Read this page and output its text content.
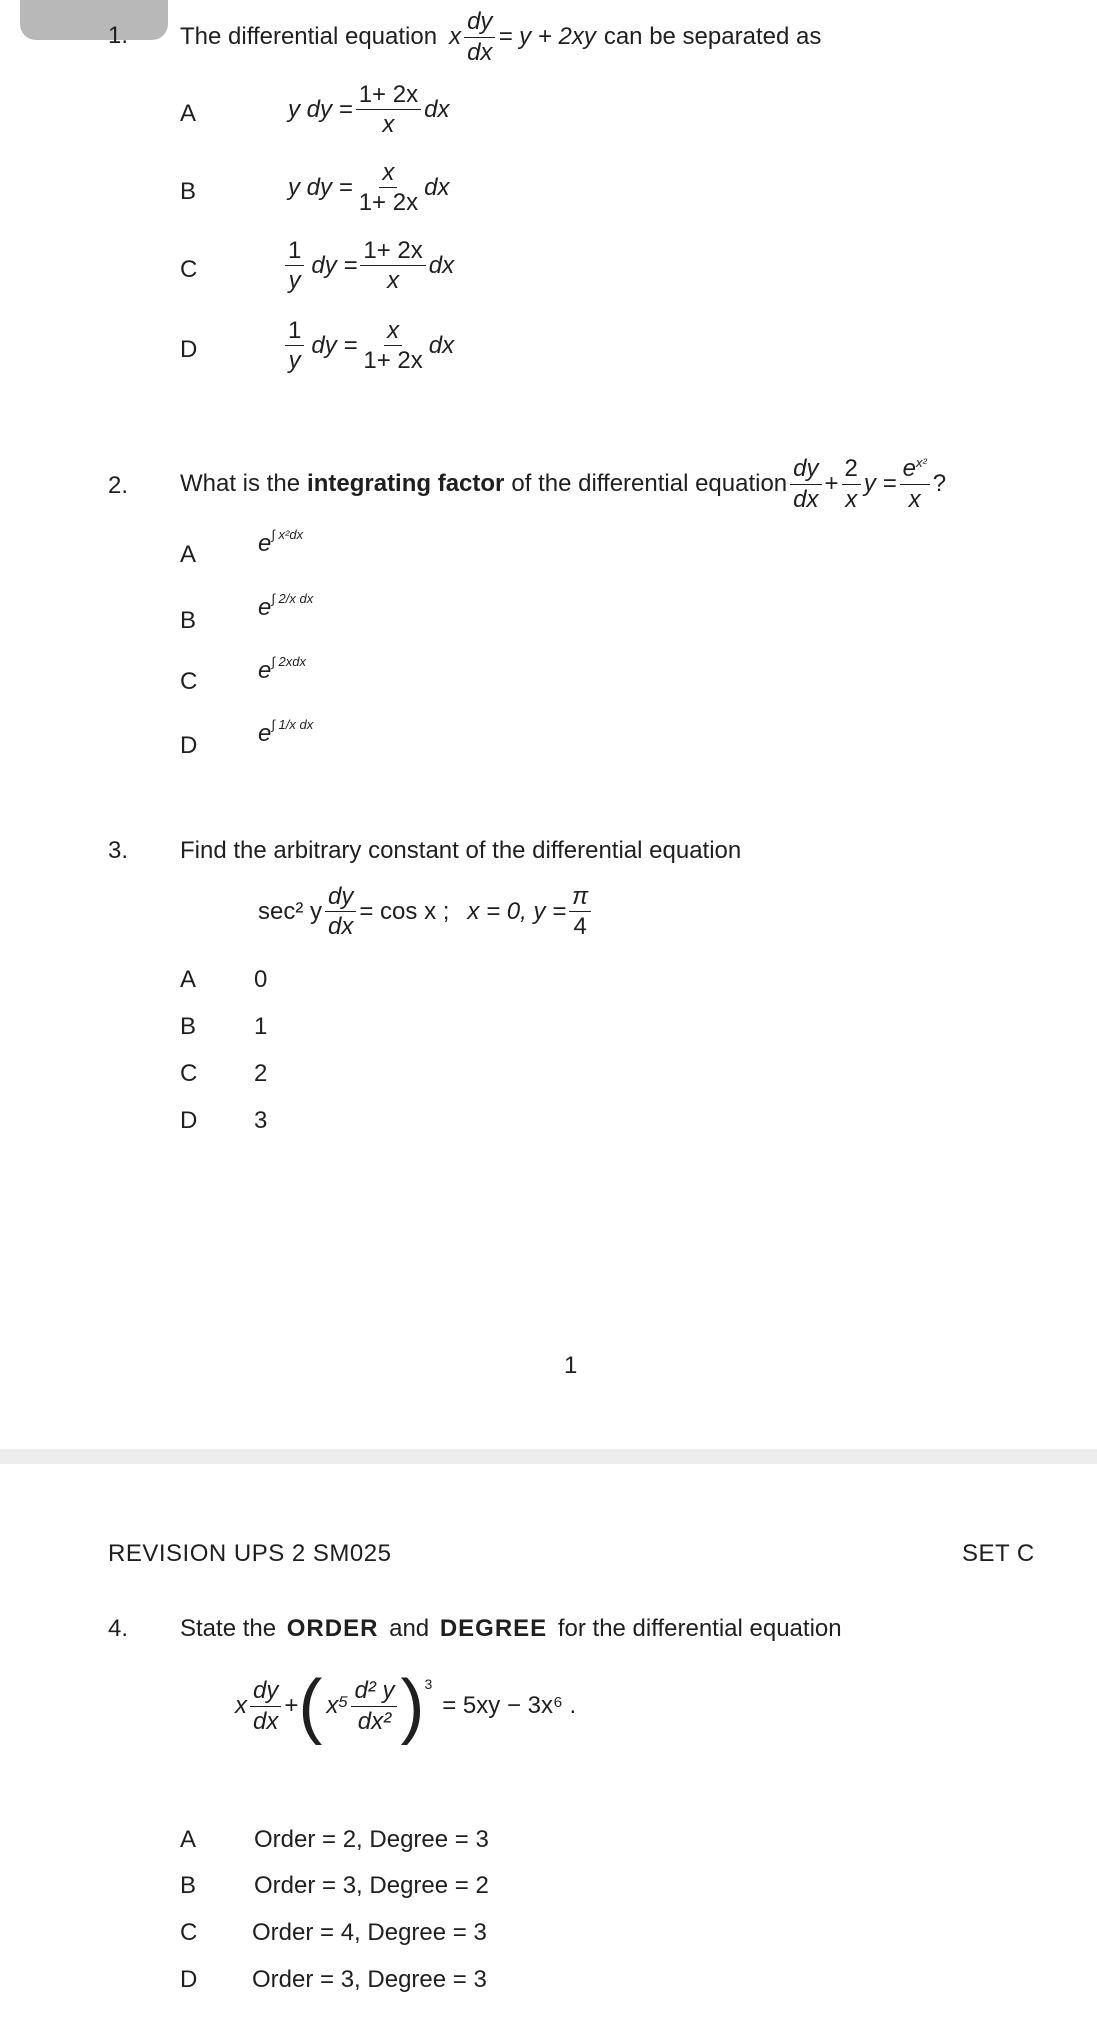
1. The differential equation x $\frac{dy}{dx} = y + 2xy$ can be separated as
A	y dy = $\frac{1+ 2x}{x}$ dx
B	y dy = $\frac{x}{1+ 2x}$ dx
C	$\frac{1}{y}$ dy = $\frac{1+ 2x}{x}$ dx
D	$\frac{1}{y}$ dy = $\frac{x}{1+ 2x}$ dx
2. What is the integrating factor of the differential equation $\frac{dy}{dx} + \frac{2}{x}$ $y = \frac{e^{x^2}}{x}$ ?
A	$e^{\int x^2dx}$
B	$e^{\int 2/x dx}$
C	$e^{\int 2xdx}$
D	$e^{\int 1/x dx}$
3. Find the arbitrary constant of the differential equation
sec² y $\frac{dy}{dx} = \cos x$ ; x = 0, $y = \frac{\pi}{4}$
A 0
B 1
C 2
D 3
1
REVISION UPS 2 SM025	SET C
4. State the ORDER and DEGREE for the differential equation
x $\frac{dy}{dx}$ + ( $x^5 \frac{\text{d² y}}{\text{dx²}}$ ) 3
= 5xy − 3x⁶ .
A Order = 2, Degree = 3
B Order = 3, Degree = 2
C Order = 4, Degree = 3
D Order = 3, Degree = 3
